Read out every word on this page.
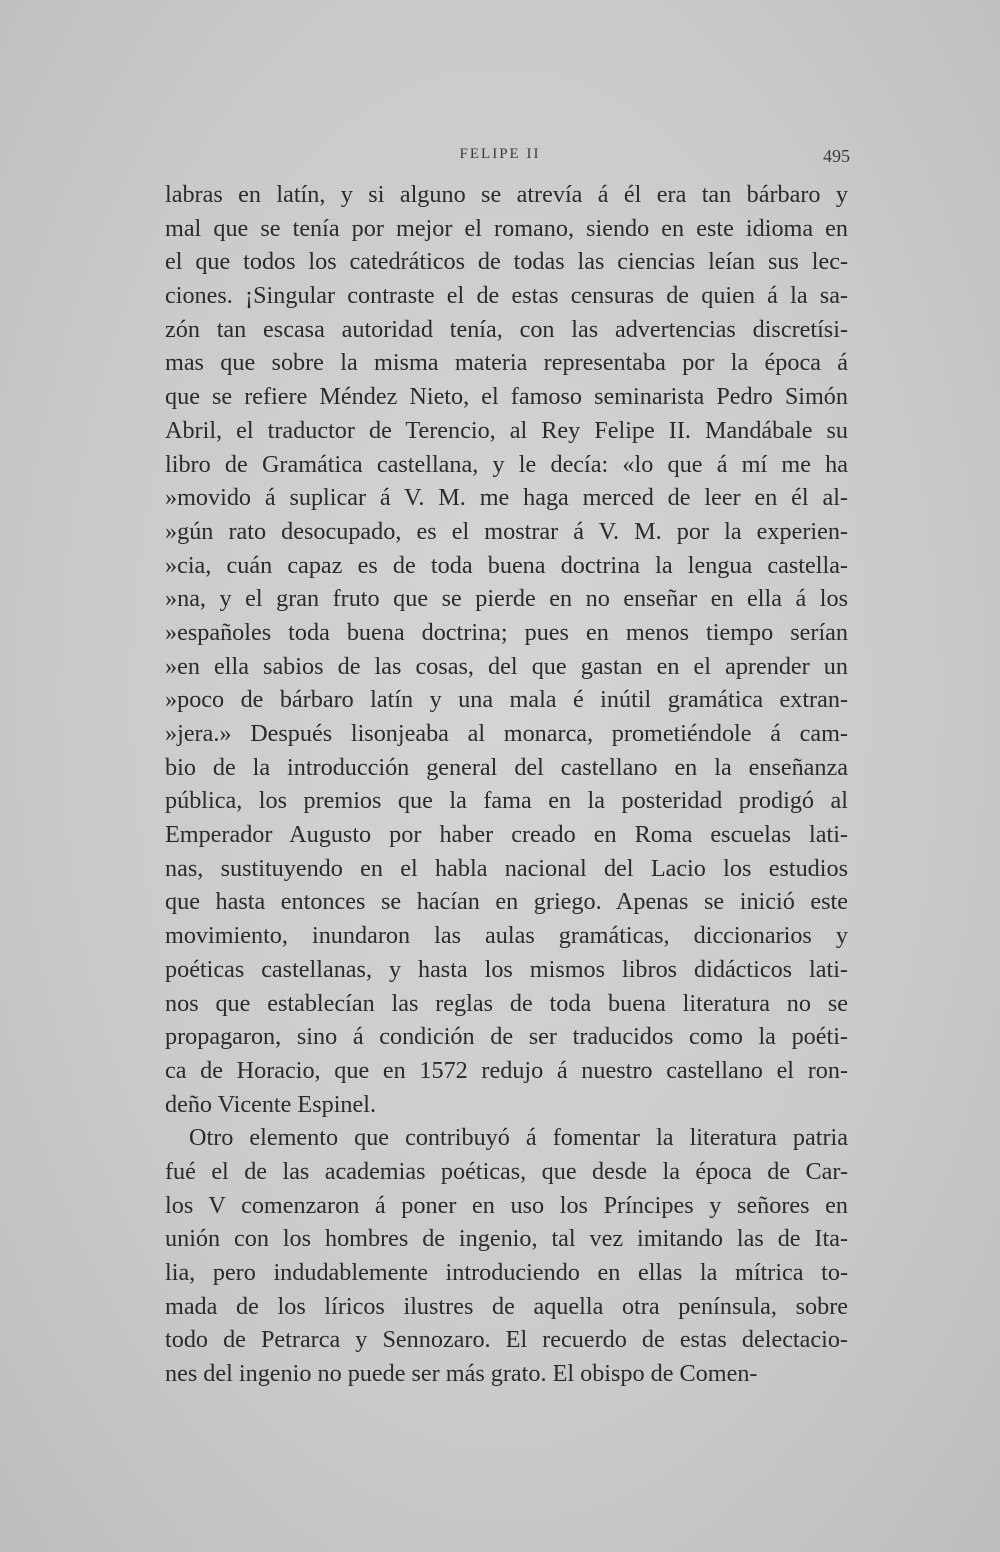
FELIPE II	495
labras en latín, y si alguno se atrevía á él era tan bárbaro y
mal que se tenía por mejor el romano, siendo en este idioma en
el que todos los catedráticos de todas las ciencias leían sus lec-
ciones. ¡Singular contraste el de estas censuras de quien á la sa-
zón tan escasa autoridad tenía, con las advertencias discretísi-
mas que sobre la misma materia representaba por la época á
que se refiere Méndez Nieto, el famoso seminarista Pedro Simón
Abril, el traductor de Terencio, al Rey Felipe II. Mandábale su
libro de Gramática castellana, y le decía: «lo que á mí me ha
»movido á suplicar á V. M. me haga merced de leer en él al-
»gún rato desocupado, es el mostrar á V. M. por la experien-
»cia, cuán capaz es de toda buena doctrina la lengua castella-
»na, y el gran fruto que se pierde en no enseñar en ella á los
»españoles toda buena doctrina; pues en menos tiempo serían
»en ella sabios de las cosas, del que gastan en el aprender un
»poco de bárbaro latín y una mala é inútil gramática extran-
»jera.» Después lisonjeaba al monarca, prometiéndole á cam-
bio de la introducción general del castellano en la enseñanza
pública, los premios que la fama en la posteridad prodigó al
Emperador Augusto por haber creado en Roma escuelas lati-
nas, sustituyendo en el habla nacional del Lacio los estudios
que hasta entonces se hacían en griego. Apenas se inició este
movimiento, inundaron las aulas gramáticas, diccionarios y
poéticas castellanas, y hasta los mismos libros didácticos lati-
nos que establecían las reglas de toda buena literatura no se
propagaron, sino á condición de ser traducidos como la poéti-
ca de Horacio, que en 1572 redujo á nuestro castellano el ron-
deño Vicente Espinel.
Otro elemento que contribuyó á fomentar la literatura patria
fué el de las academias poéticas, que desde la época de Car-
los V comenzaron á poner en uso los Príncipes y señores en
unión con los hombres de ingenio, tal vez imitando las de Ita-
lia, pero indudablemente introduciendo en ellas la mítrica to-
mada de los líricos ilustres de aquella otra península, sobre
todo de Petrarca y Sennozaro. El recuerdo de estas delectacio-
nes del ingenio no puede ser más grato. El obispo de Comen-
